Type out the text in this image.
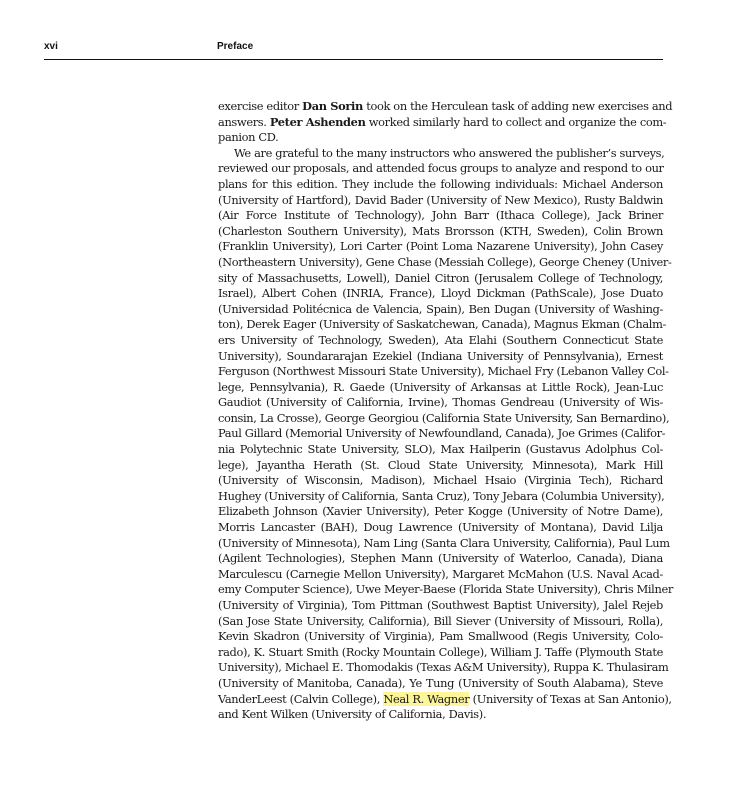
xvi	Preface

exercise editor Dan Sorin took on the Herculean task of adding new exercises and
answers. Peter Ashenden worked similarly hard to collect and organize the com-
panion CD.

We are grateful to the many instructors who answered the publisher’s surveys,
reviewed our proposals, and attended focus groups to analyze and respond to our
plans for this edition. They include the following individuals: Michael Anderson
(University of Hartford), David Bader (University of New Mexico), Rusty Baldwin
(Air Force Institute of Technology), John Barr (Ithaca College), Jack Briner
(Charleston Southern University), Mats Brorsson (KTH, Sweden), Colin Brown
(Franklin University), Lori Carter (Point Loma Nazarene University), John Casey
(Northeastern University), Gene Chase (Messiah College), George Cheney (Univer-
sity of Massachusetts, Lowell), Daniel Citron (Jerusalem College of Technology,
Israel), Albert Cohen (INRIA, France), Lloyd Dickman (PathScale), Jose Duato
(Universidad Politécnica de Valencia, Spain), Ben Dugan (University of Washing-
ton), Derek Eager (University of Saskatchewan, Canada), Magnus Ekman (Chalm-
ers University of Technology, Sweden), Ata Elahi (Southern Connecticut State
University), Soundararajan Ezekiel (Indiana University of Pennsylvania), Ernest
Ferguson (Northwest Missouri State University), Michael Fry (Lebanon Valley Col-
lege, Pennsylvania), R. Gaede (University of Arkansas at Little Rock), Jean-Luc
Gaudiot (University of California, Irvine), Thomas Gendreau (University of Wis-
consin, La Crosse), George Georgiou (California State University, San Bernardino),
Paul Gillard (Memorial University of Newfoundland, Canada), Joe Grimes (Califor-
nia Polytechnic State University, SLO), Max Hailperin (Gustavus Adolphus Col-
lege), Jayantha Herath (St. Cloud State University, Minnesota), Mark Hill
(University of Wisconsin, Madison), Michael Hsaio (Virginia Tech), Richard
Hughey (University of California, Santa Cruz), Tony Jebara (Columbia University),
Elizabeth Johnson (Xavier University), Peter Kogge (University of Notre Dame),
Morris Lancaster (BAH), Doug Lawrence (University of Montana), David Lilja
(University of Minnesota), Nam Ling (Santa Clara University, California), Paul Lum
(Agilent Technologies), Stephen Mann (University of Waterloo, Canada), Diana
Marculescu (Carnegie Mellon University), Margaret McMahon (U.S. Naval Acad-
emy Computer Science), Uwe Meyer-Baese (Florida State University), Chris Milner
(University of Virginia), Tom Pittman (Southwest Baptist University), Jalel Rejeb
(San Jose State University, California), Bill Siever (University of Missouri, Rolla),
Kevin Skadron (University of Virginia), Pam Smallwood (Regis University, Colo-
rado), K. Stuart Smith (Rocky Mountain College), William J. Taffe (Plymouth State
University), Michael E. Thomodakis (Texas A&M University), Ruppa K. Thulasiram
(University of Manitoba, Canada), Ye Tung (University of South Alabama), Steve
VanderLeest (Calvin College), Neal R. Wagner (University of Texas at San Antonio),
and Kent Wilken (University of California, Davis).
